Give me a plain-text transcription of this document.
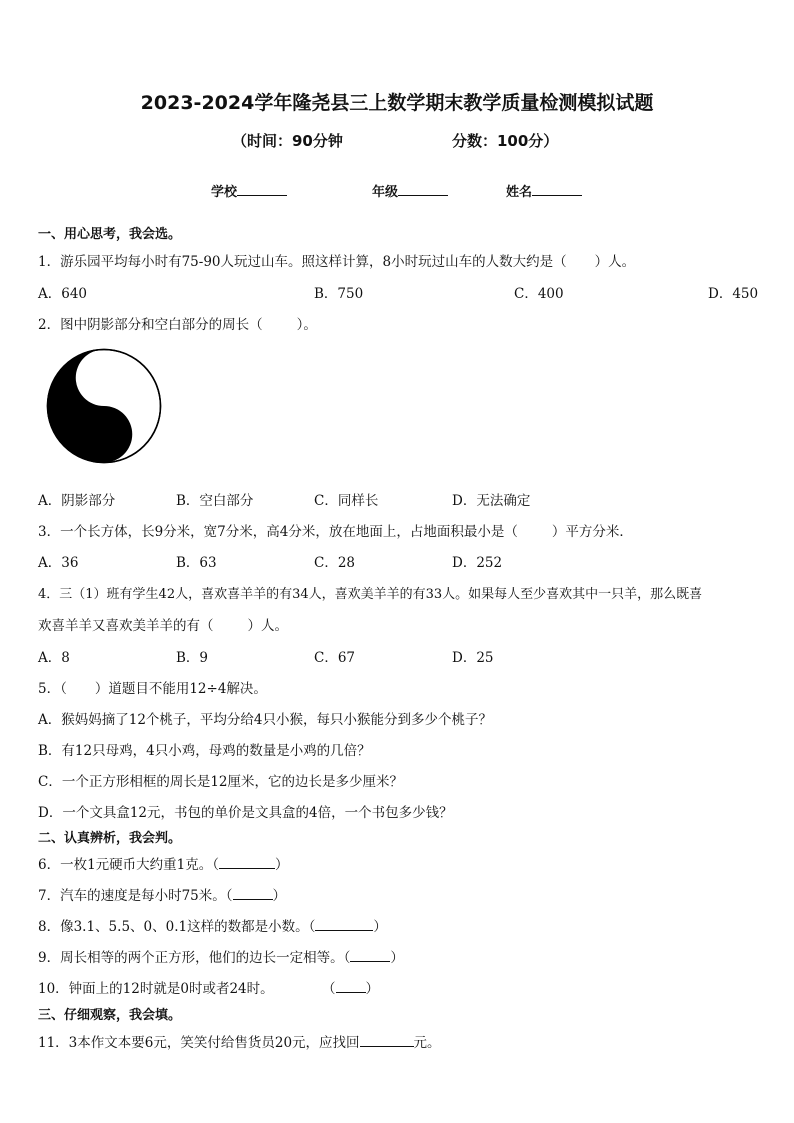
2023-2024学年隆尧县三上数学期末教学质量检测模拟试题
（时间：90分钟	分数：100分）
学校	年级	姓名
一、用心思考，我会选。
1．游乐园平均每小时有75-90人玩过山车。照这样计算，8小时玩过山车的人数大约是（ ）人。
A．640	B．750	C．400	D．450
2．图中阴影部分和空白部分的周长（	）。
A．阴影部分	B．空白部分	C．同样长	D．无法确定
3．一个长方体，长9分米，宽7分米，高4分米，放在地面上，占地面积最小是（	）平方分米．
A．36	B．63	C．28	D．252
4．三（1）班有学生42人，喜欢喜羊羊的有34人，喜欢美羊羊的有33人。如果每人至少喜欢其中一只羊，那么既喜
欢喜羊羊又喜欢美羊羊的有（	）人。
A．8	B．9	C．67	D．25
5．（ ）道题目不能用12÷4解决。
A．猴妈妈摘了12个桃子，平均分给4只小猴，每只小猴能分到多少个桃子？
B．有12只母鸡，4只小鸡，母鸡的数量是小鸡的几倍？
C．一个正方形相框的周长是12厘米，它的边长是多少厘米？
D．一个文具盒12元，书包的单价是文具盒的4倍，一个书包多少钱？
二、认真辨析，我会判。
6．一枚1元硬币大约重1克。（	）
7．汽车的速度是每小时75米。（	）
8．像3.1、5.5、0、0.1这样的数都是小数。（	）
9．周长相等的两个正方形，他们的边长一定相等。（	）
10．钟面上的12时就是0时或者24时。	（ ）
三、仔细观察，我会填。
11．3本作文本要6元，笑笑付给售货员20元，应找回	元。
